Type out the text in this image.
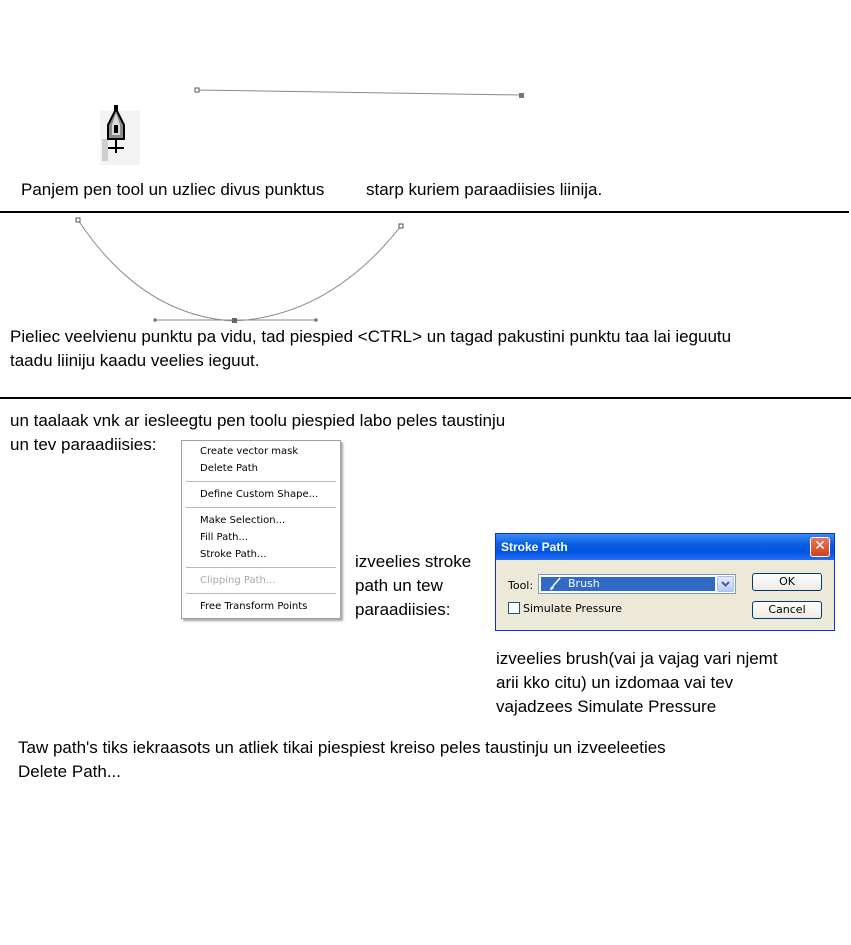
Panjem pen tool un uzliec divus punktus starp kuriem paraadiisies liinija.
Pieliec veelvienu punktu pa vidu, tad piespied <CTRL> un tagad pakustini punktu taa lai ieguutu
taadu liiniju kaadu veelies ieguut.
un taalaak vnk ar iesleegtu pen toolu piespied labo peles taustinju
un tev paraadiisies:	Create vector mask
Delete Path
Define Custom Shape...
Make Selection...
Fill Path...
Stroke Path...
Clipping Path...
Free Transform Points
izveelies stroke
path un tew
paraadiisies:
Stroke Path	✕
Tool:	Brush
Simulate Pressure
OK
Cancel
izveelies brush(vai ja vajag vari njemt
arii kko citu) un izdomaa vai tev
vajadzees Simulate Pressure
Taw path's tiks iekraasots un atliek tikai piespiest kreiso peles taustinju un izveeleeties
Delete Path...
